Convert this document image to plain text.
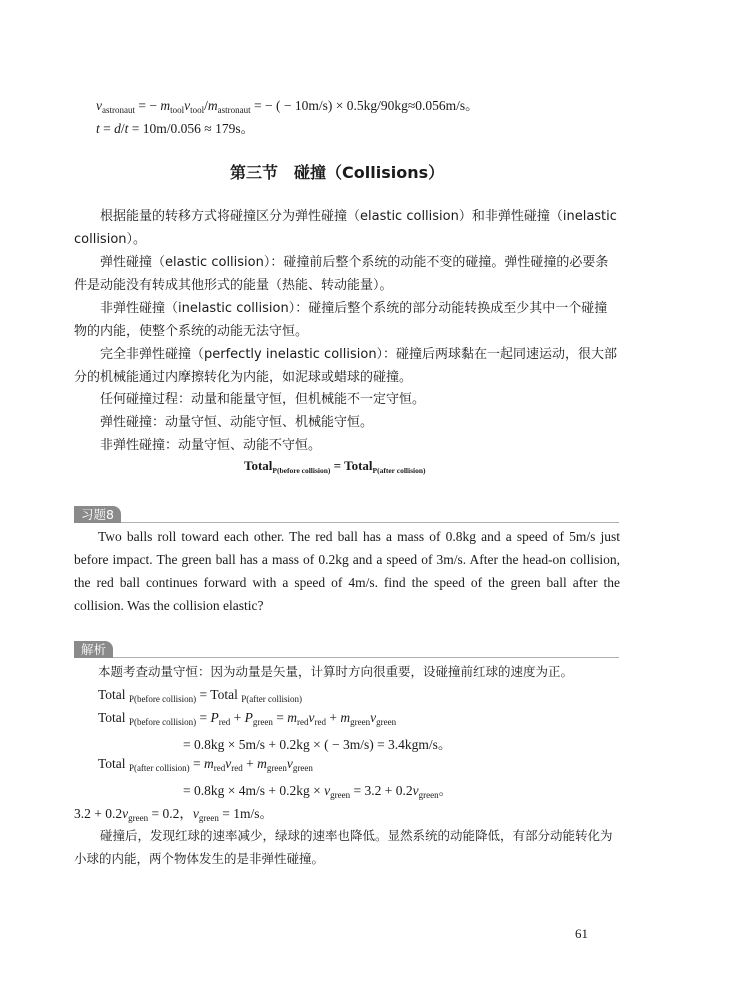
$v_{astronaut}$ = − $m_{tool}v_{tool}/m_{astronaut}$ = − ( − 10m/s) × 0.5kg/90kg≈0.056m/s。
t = d/t = 10m/0.056 ≈ 179s。
第三节　碰撞（Collisions）
根据能量的转移方式将碰撞区分为弹性碰撞（elastic collision）和非弹性碰撞（inelastic collision）。
弹性碰撞（elastic collision）：碰撞前后整个系统的动能不变的碰撞。弹性碰撞的必要条件是动能没有转成其他形式的能量（热能、转动能量）。
非弹性碰撞（inelastic collision）：碰撞后整个系统的部分动能转换成至少其中一个碰撞物的内能，使整个系统的动能无法守恒。
完全非弹性碰撞（perfectly inelastic collision）：碰撞后两球黏在一起同速运动，很大部分的机械能通过内摩擦转化为内能，如泥球或蜡球的碰撞。
任何碰撞过程：动量和能量守恒，但机械能不一定守恒。
弹性碰撞：动量守恒、动能守恒、机械能守恒。
非弹性碰撞：动量守恒、动能不守恒。
Total$_{P(before collision)}$ = Total$_{P(after collision)}$
习题8
Two balls roll toward each other. The red ball has a mass of 0.8kg and a speed of 5m/s just before impact. The green ball has a mass of 0.2kg and a speed of 3m/s. After the head-on collision, the red ball continues forward with a speed of 4m/s. find the speed of the green ball after the collision. Was the collision elastic?
解析
本题考查动量守恒：因为动量是矢量，计算时方向很重要，设碰撞前红球的速度为正。
Total $_{P(before collision)}$ = Total $_{P(after collision)}$
Total $_{P(before collision)} = P_{red} + P_{green} = m_{red}v_{red} + m_{green}v_{green}$
= 0.8kg × 5m/s + 0.2kg × ( − 3m/s) = 3.4kgm/s。
Total $_{P(after collision)} = m_{red}v_{red} + m_{green}v_{green}$
= $0.8kg \times 4m/s + 0.2kg \times v_{green} = 3.2 + 0.2v_{green}$。
$3.2 + 0.2v_{green} = 0.2$，$v_{green} = 1m/s$。
碰撞后，发现红球的速率减少，绿球的速率也降低。显然系统的动能降低，有部分动能转化为小球的内能，两个物体发生的是非弹性碰撞。
61
